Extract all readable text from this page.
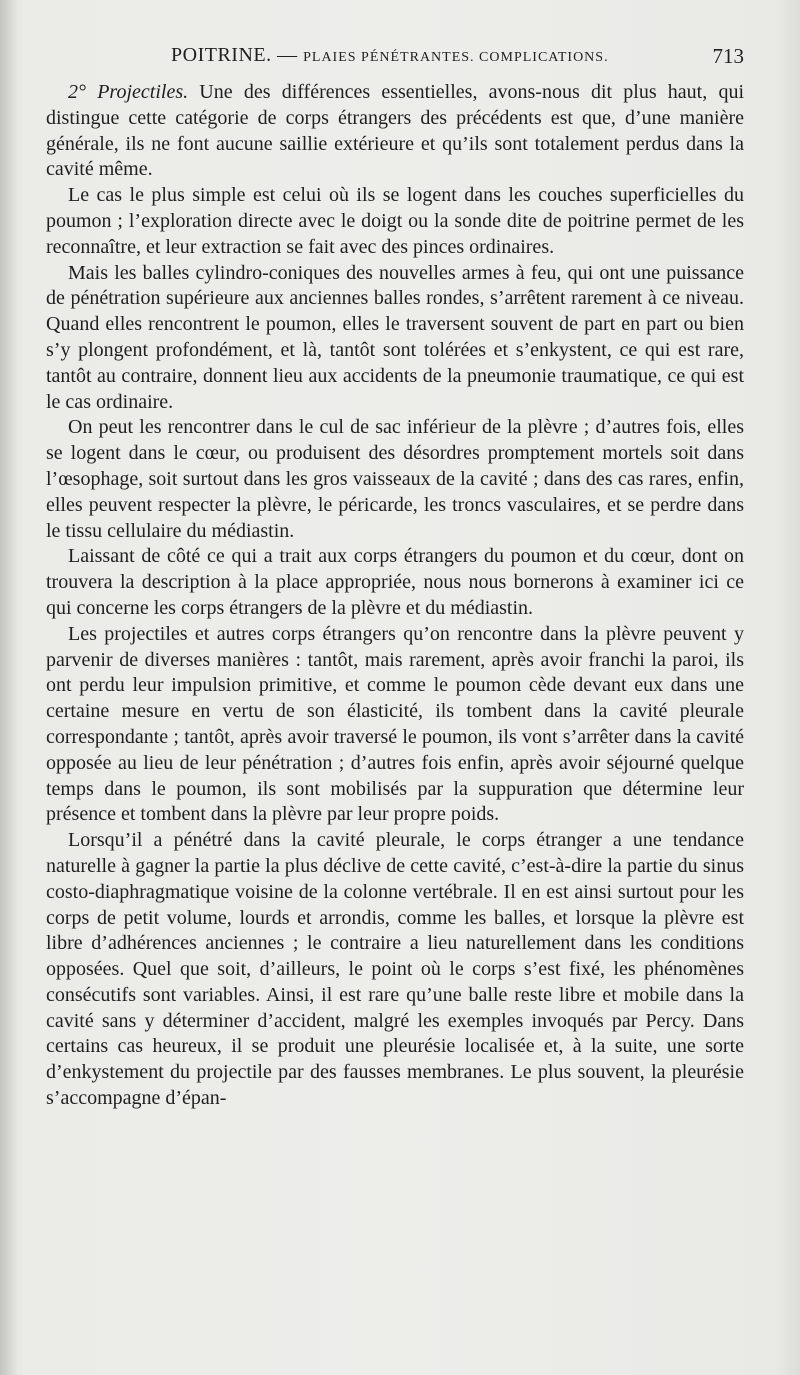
POITRINE. — PLAIES PÉNÉTRANTES. COMPLICATIONS.	713

2° Projectiles. Une des différences essentielles, avons-nous dit plus haut, qui distingue cette catégorie de corps étrangers des précédents est que, d’une manière générale, ils ne font aucune saillie extérieure et qu’ils sont totalement perdus dans la cavité même.

Le cas le plus simple est celui où ils se logent dans les couches superficielles du poumon ; l’exploration directe avec le doigt ou la sonde dite de poitrine permet de les reconnaître, et leur extraction se fait avec des pinces ordinaires.

Mais les balles cylindro-coniques des nouvelles armes à feu, qui ont une puissance de pénétration supérieure aux anciennes balles rondes, s’arrêtent rarement à ce niveau. Quand elles rencontrent le poumon, elles le traversent souvent de part en part ou bien s’y plongent profondément, et là, tantôt sont tolérées et s’enkystent, ce qui est rare, tantôt au contraire, donnent lieu aux accidents de la pneumonie traumatique, ce qui est le cas ordinaire.

On peut les rencontrer dans le cul de sac inférieur de la plèvre ; d’autres fois, elles se logent dans le cœur, ou produisent des désordres promptement mortels soit dans l’œsophage, soit surtout dans les gros vaisseaux de la cavité ; dans des cas rares, enfin, elles peuvent respecter la plèvre, le péricarde, les troncs vasculaires, et se perdre dans le tissu cellulaire du médiastin.

Laissant de côté ce qui a trait aux corps étrangers du poumon et du cœur, dont on trouvera la description à la place appropriée, nous nous bornerons à examiner ici ce qui concerne les corps étrangers de la plèvre et du médiastin.

Les projectiles et autres corps étrangers qu’on rencontre dans la plèvre peuvent y parvenir de diverses manières : tantôt, mais rarement, après avoir franchi la paroi, ils ont perdu leur impulsion primitive, et comme le poumon cède devant eux dans une certaine mesure en vertu de son élasticité, ils tombent dans la cavité pleurale correspondante ; tantôt, après avoir traversé le poumon, ils vont s’arrêter dans la cavité opposée au lieu de leur pénétration ; d’autres fois enfin, après avoir séjourné quelque temps dans le poumon, ils sont mobilisés par la suppuration que détermine leur présence et tombent dans la plèvre par leur propre poids.

Lorsqu’il a pénétré dans la cavité pleurale, le corps étranger a une tendance naturelle à gagner la partie la plus déclive de cette cavité, c’est-à-dire la partie du sinus costo-diaphragmatique voisine de la colonne vertébrale. Il en est ainsi surtout pour les corps de petit volume, lourds et arrondis, comme les balles, et lorsque la plèvre est libre d’adhérences anciennes ; le contraire a lieu naturellement dans les conditions opposées. Quel que soit, d’ailleurs, le point où le corps s’est fixé, les phénomènes consécutifs sont variables. Ainsi, il est rare qu’une balle reste libre et mobile dans la cavité sans y déterminer d’accident, malgré les exemples invoqués par Percy. Dans certains cas heureux, il se produit une pleurésie localisée et, à la suite, une sorte d’enkystement du projectile par des fausses membranes. Le plus souvent, la pleurésie s’accompagne d’épan-
